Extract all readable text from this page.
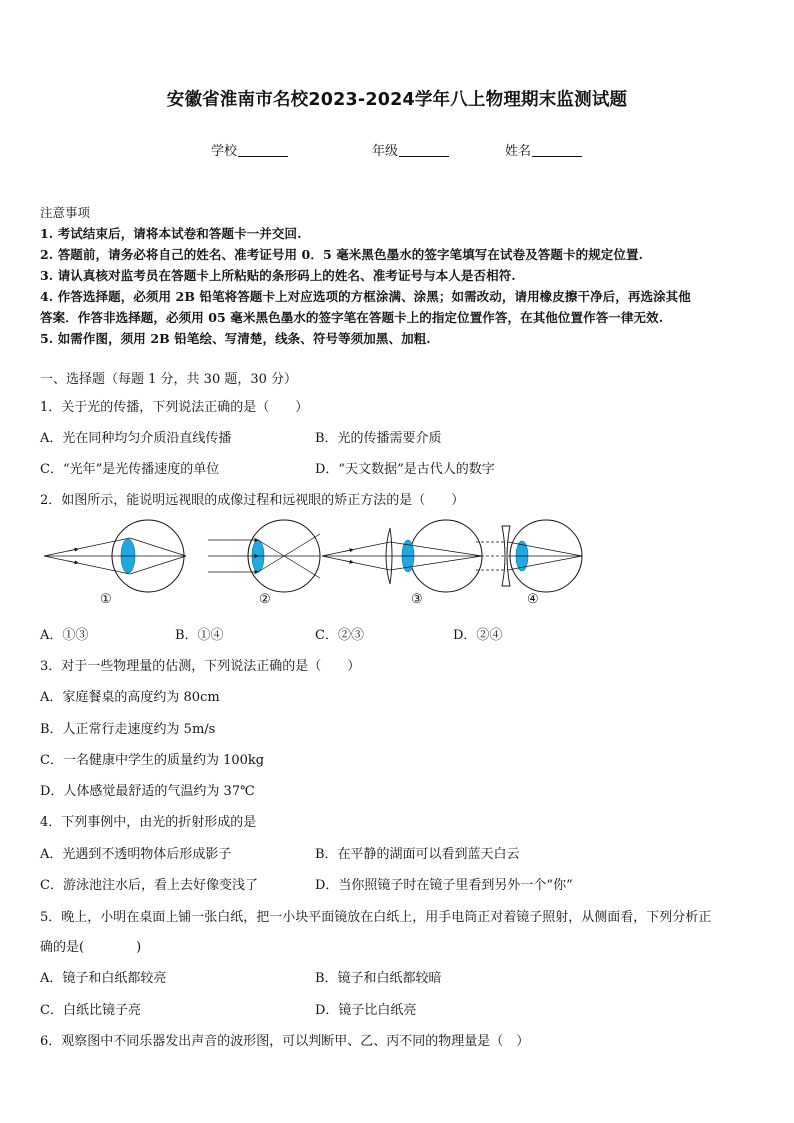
安徽省淮南市名校2023-2024学年八上物理期末监测试题
学校	年级	姓名
注意事项
1. 考试结束后，请将本试卷和答题卡一并交回.
2. 答题前，请务必将自己的姓名、准考证号用 0．5 毫米黑色墨水的签字笔填写在试卷及答题卡的规定位置.
3. 请认真核对监考员在答题卡上所粘贴的条形码上的姓名、准考证号与本人是否相符.
4. 作答选择题，必须用 2B 铅笔将答题卡上对应选项的方框涂满、涂黑；如需改动，请用橡皮擦干净后，再选涂其他
答案．作答非选择题，必须用 05 毫米黑色墨水的签字笔在答题卡上的指定位置作答，在其他位置作答一律无效.
5. 如需作图，须用 2B 铅笔绘、写清楚，线条、符号等须加黑、加粗.
一、选择题（每题 1 分，共 30 题，30 分）
1．关于光的传播，下列说法正确的是（　　）
A．光在同种均匀介质沿直线传播	B．光的传播需要介质
C．“光年”是光传播速度的单位	D．“天文数据”是古代人的数字
2．如图所示，能说明远视眼的成像过程和远视眼的矫正方法的是（　　）
①	②	③	④
A．①③	B．①④	C．②③	D．②④
3．对于一些物理量的估测，下列说法正确的是（　　）
A．家庭餐桌的高度约为 80cm
B．人正常行走速度约为 5m/s
C．一名健康中学生的质量约为 100kg
D．人体感觉最舒适的气温约为 37℃
4．下列事例中，由光的折射形成的是
A．光遇到不透明物体后形成影子	B．在平静的湖面可以看到蓝天白云
C．游泳池注水后，看上去好像变浅了	D．当你照镜子时在镜子里看到另外一个“你”
5．晚上，小明在桌面上铺一张白纸，把一小块平面镜放在白纸上，用手电筒正对着镜子照射，从侧面看，下列分析正
确的是(　　　　)
A．镜子和白纸都较亮	B．镜子和白纸都较暗
C．白纸比镜子亮	D．镜子比白纸亮
6．观察图中不同乐器发出声音的波形图，可以判断甲、乙、丙不同的物理量是（　）
